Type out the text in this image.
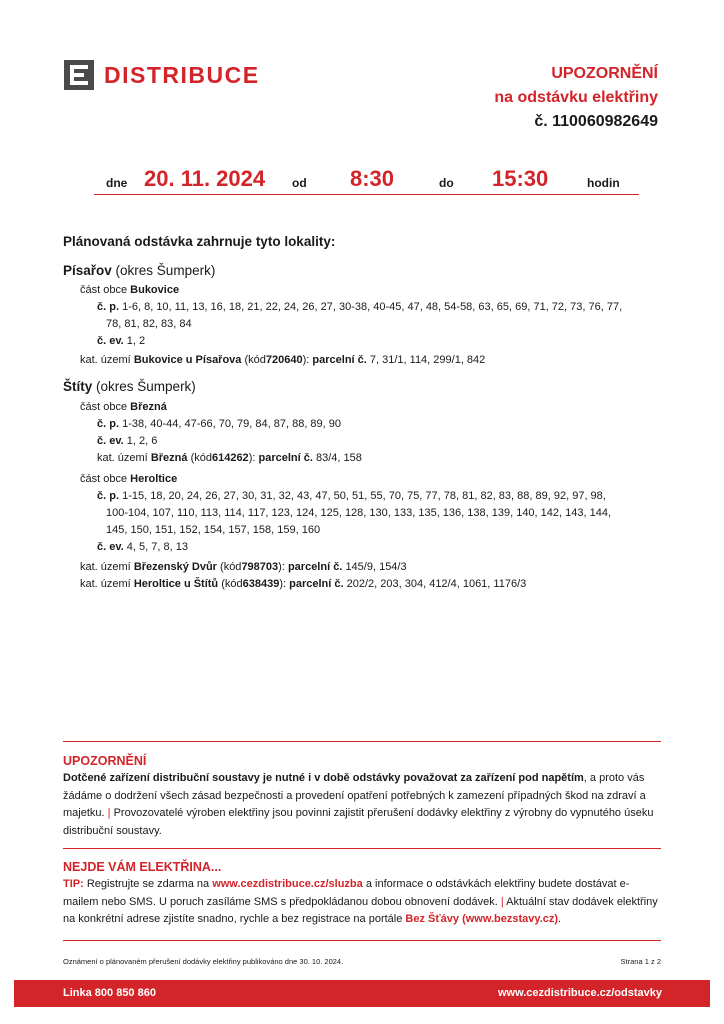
DISTRIBUCE	UPOZORNĚNÍ
na odstávku elektřiny
č. 110060982649
dne 20. 11. 2024 od 8:30	do 15:30	hodin
Plánovaná odstávka zahrnuje tyto lokality:
Písařov (okres Šumperk)
část obce Bukovice
č. p. 1-6, 8, 10, 11, 13, 16, 18, 21, 22, 24, 26, 27, 30-38, 40-45, 47, 48, 54-58, 63, 65, 69, 71, 72, 73, 76, 77,
78, 81, 82, 83, 84
č. ev. 1, 2
kat. území Bukovice u Písařova (kód720640): parcelní č. 7, 31/1, 114, 299/1, 842
Štíty (okres Šumperk)
část obce Březná
č. p. 1-38, 40-44, 47-66, 70, 79, 84, 87, 88, 89, 90
č. ev. 1, 2, 6
kat. území Březná (kód614262): parcelní č. 83/4, 158
část obce Heroltice
č. p. 1-15, 18, 20, 24, 26, 27, 30, 31, 32, 43, 47, 50, 51, 55, 70, 75, 77, 78, 81, 82, 83, 88, 89, 92, 97, 98,
100-104, 107, 110, 113, 114, 117, 123, 124, 125, 128, 130, 133, 135, 136, 138, 139, 140, 142, 143, 144,
145, 150, 151, 152, 154, 157, 158, 159, 160
č. ev. 4, 5, 7, 8, 13
kat. území Březenský Dvůr (kód798703): parcelní č. 145/9, 154/3
kat. území Heroltice u Štítů (kód638439): parcelní č. 202/2, 203, 304, 412/4, 1061, 1176/3
UPOZORNĚNÍ
Dotčené zařízení distribuční soustavy je nutné i v době odstávky považovat za zařízení pod napětím, a proto vás žádáme o dodržení všech zásad bezpečnosti a provedení opatření potřebných k zamezení případných škod na zdraví a majetku. | Provozovatelé výroben elektřiny jsou povinni zajistit přerušení dodávky elektřiny z výrobny do vypnutého úseku distribuční soustavy.
NEJDE VÁM ELEKTŘINA...
TIP: Registrujte se zdarma na www.cezdistribuce.cz/sluzba a informace o odstávkách elektřiny budete dostávat e-mailem nebo SMS. U poruch zasíláme SMS s předpokládanou dobou obnovení dodávek. | Aktuální stav dodávek elektřiny na konkrétní adrese zjistíte snadno, rychle a bez registrace na portále Bez Šťávy (www.bezstavy.cz).
Oznámení o plánovaném přerušení dodávky elektřiny publikováno dne 30. 10. 2024.	Strana 1 z 2
Linka 800 850 860	www.cezdistribuce.cz/odstavky
